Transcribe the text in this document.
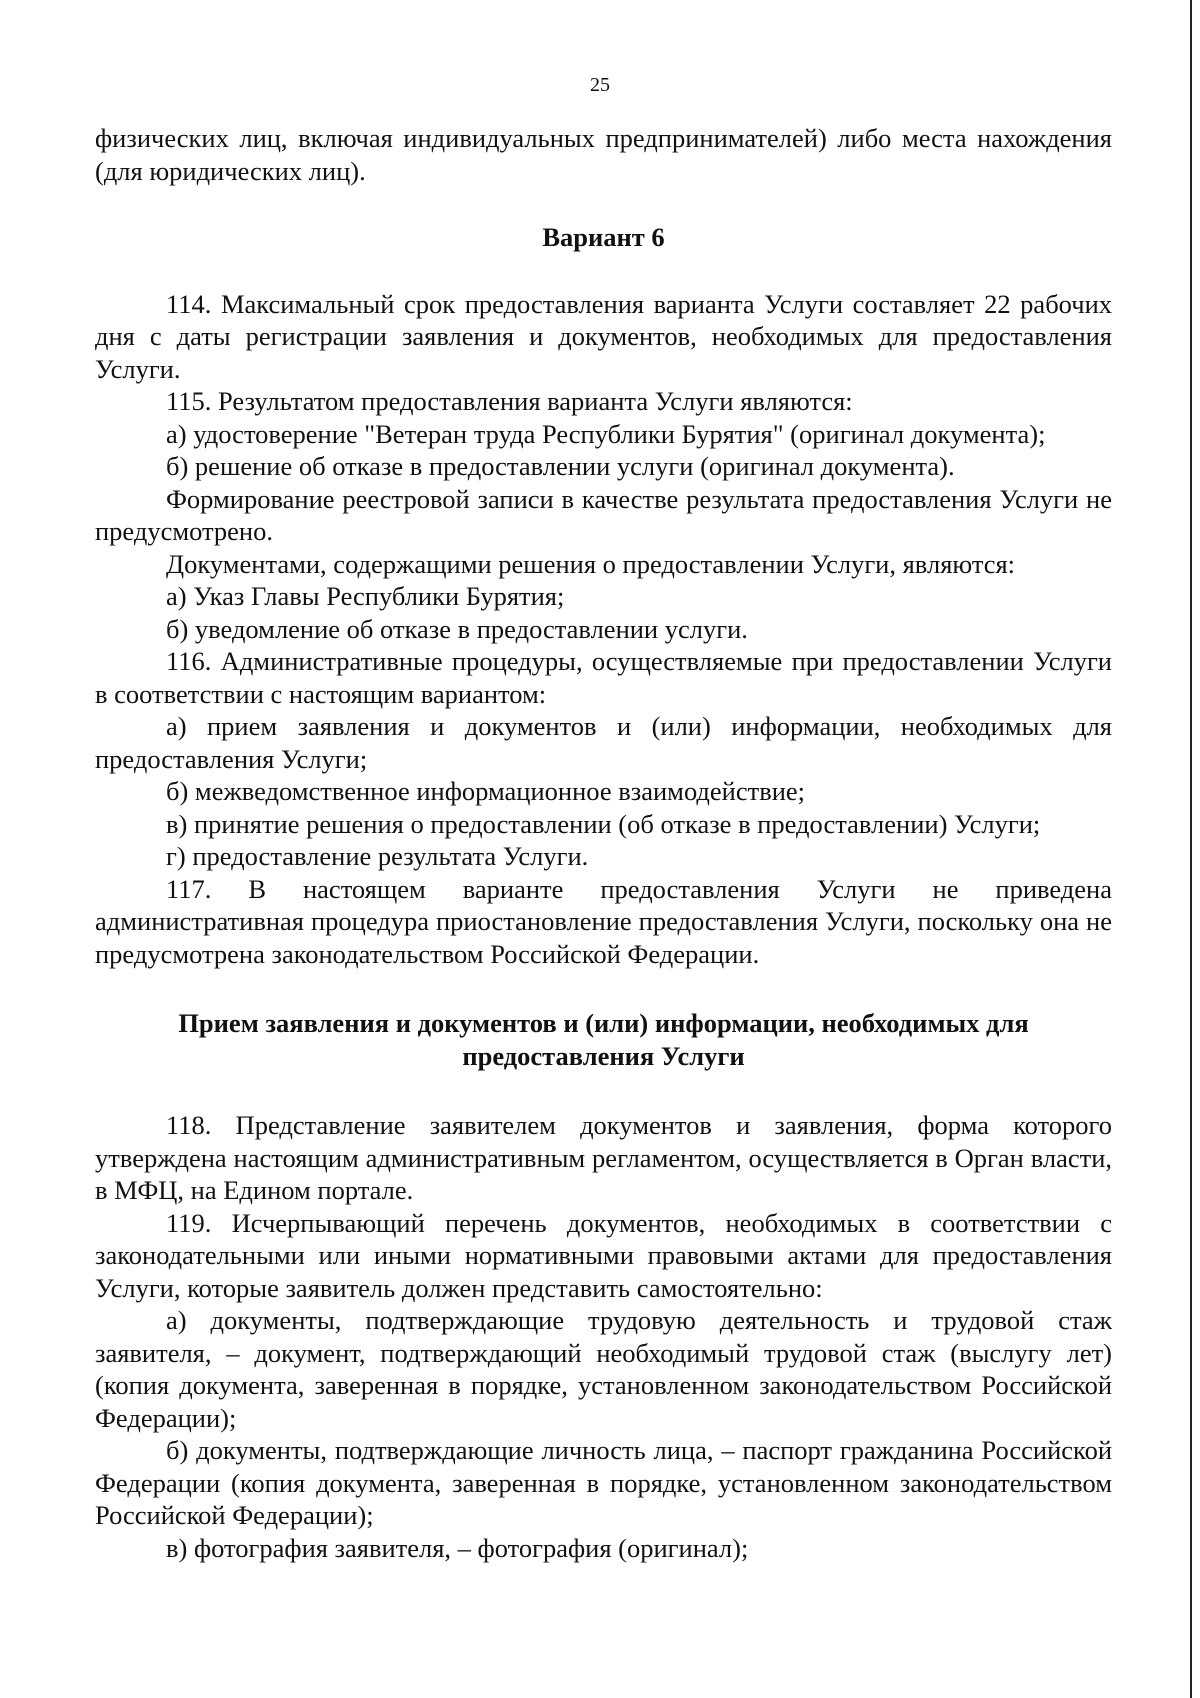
25

физических лиц, включая индивидуальных предпринимателей) либо места нахождения (для юридических лиц).

Вариант 6

114. Максимальный срок предоставления варианта Услуги составляет 22 рабочих дня с даты регистрации заявления и документов, необходимых для предоставления Услуги.

115. Результатом предоставления варианта Услуги являются:

а) удостоверение "Ветеран труда Республики Бурятия" (оригинал документа);

б) решение об отказе в предоставлении услуги (оригинал документа).

Формирование реестровой записи в качестве результата предоставления Услуги не предусмотрено.

Документами, содержащими решения о предоставлении Услуги, являются:

а) Указ Главы Республики Бурятия;

б) уведомление об отказе в предоставлении услуги.

116. Административные процедуры, осуществляемые при предоставлении Услуги в соответствии с настоящим вариантом:

а) прием заявления и документов и (или) информации, необходимых для предоставления Услуги;

б) межведомственное информационное взаимодействие;

в) принятие решения о предоставлении (об отказе в предоставлении) Услуги;

г) предоставление результата Услуги.

117. В настоящем варианте предоставления Услуги не приведена административная процедура приостановление предоставления Услуги, поскольку она не предусмотрена законодательством Российской Федерации.

Прием заявления и документов и (или) информации, необходимых для предоставления Услуги

118. Представление заявителем документов и заявления, форма которого утверждена настоящим административным регламентом, осуществляется в Орган власти, в МФЦ, на Едином портале.

119. Исчерпывающий перечень документов, необходимых в соответствии с законодательными или иными нормативными правовыми актами для предоставления Услуги, которые заявитель должен представить самостоятельно:

а) документы, подтверждающие трудовую деятельность и трудовой стаж заявителя, – документ, подтверждающий необходимый трудовой стаж (выслугу лет) (копия документа, заверенная в порядке, установленном законодательством Российской Федерации);

б) документы, подтверждающие личность лица, – паспорт гражданина Российской Федерации (копия документа, заверенная в порядке, установленном законодательством Российской Федерации);

в) фотография заявителя, – фотография (оригинал);
